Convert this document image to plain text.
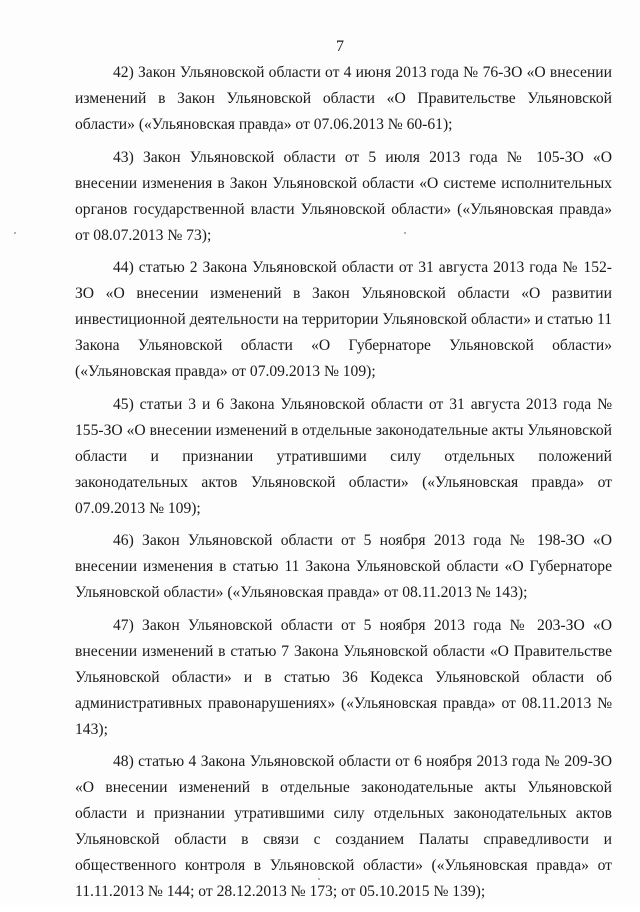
7

42) Закон Ульяновской области от 4 июня 2013 года № 76-ЗО «О внесении изменений в Закон Ульяновской области «О Правительстве Ульяновской области» («Ульяновская правда» от 07.06.2013 № 60-61);

43) Закон Ульяновской области от 5 июля 2013 года № 105-ЗО «О внесении изменения в Закон Ульяновской области «О системе исполнительных органов государственной власти Ульяновской области» («Ульяновская правда» от 08.07.2013 № 73);

44) статью 2 Закона Ульяновской области от 31 августа 2013 года № 152-ЗО «О внесении изменений в Закон Ульяновской области «О развитии инвестиционной деятельности на территории Ульяновской области» и статью 11 Закона Ульяновской области «О Губернаторе Ульяновской области» («Ульяновская правда» от 07.09.2013 № 109);

45) статьи 3 и 6 Закона Ульяновской области от 31 августа 2013 года № 155-ЗО «О внесении изменений в отдельные законодательные акты Ульяновской области и признании утратившими силу отдельных положений законодательных актов Ульяновской области» («Ульяновская правда» от 07.09.2013 № 109);

46) Закон Ульяновской области от 5 ноября 2013 года № 198-ЗО «О внесении изменения в статью 11 Закона Ульяновской области «О Губернаторе Ульяновской области» («Ульяновская правда» от 08.11.2013 № 143);

47) Закон Ульяновской области от 5 ноября 2013 года № 203-ЗО «О внесении изменений в статью 7 Закона Ульяновской области «О Правительстве Ульяновской области» и в статью 36 Кодекса Ульяновской области об административных правонарушениях» («Ульяновская правда» от 08.11.2013 № 143);

48) статью 4 Закона Ульяновской области от 6 ноября 2013 года № 209-ЗО «О внесении изменений в отдельные законодательные акты Ульяновской области и признании утратившими силу отдельных законодательных актов Ульяновской области в связи с созданием Палаты справедливости и общественного контроля в Ульяновской области» («Ульяновская правда» от 11.11.2013 № 144; от 28.12.2013 № 173; от 05.10.2015 № 139);
